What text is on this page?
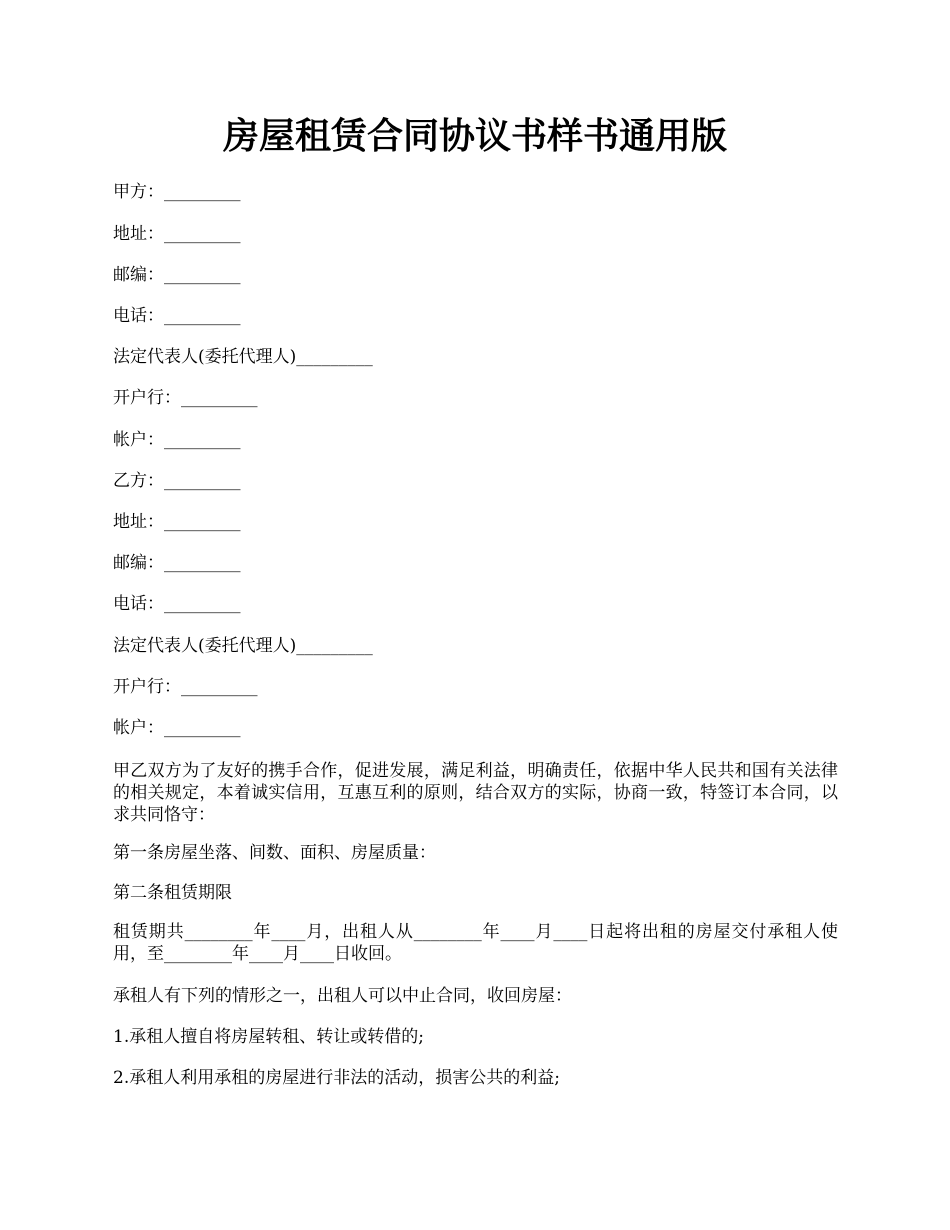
房屋租赁合同协议书样书通用版
甲方：_________
地址：_________
邮编：_________
电话：_________
法定代表人(委托代理人)_________
开户行：_________
帐户：_________
乙方：_________
地址：_________
邮编：_________
电话：_________
法定代表人(委托代理人)_________
开户行：_________
帐户：_________

甲乙双方为了友好的携手合作，促进发展，满足利益，明确责任，依据中华人民共和国有关法律的相关规定，本着诚实信用，互惠互利的原则，结合双方的实际，协商一致，特签订本合同，以求共同恪守：

第一条房屋坐落、间数、面积、房屋质量：
第二条租赁期限

租赁期共________年____月，出租人从________年____月____日起将出租的房屋交付承租人使用，至________年____月____日收回。

承租人有下列的情形之一，出租人可以中止合同，收回房屋：
1.承租人擅自将房屋转租、转让或转借的;
2.承租人利用承租的房屋进行非法的活动，损害公共的利益;
